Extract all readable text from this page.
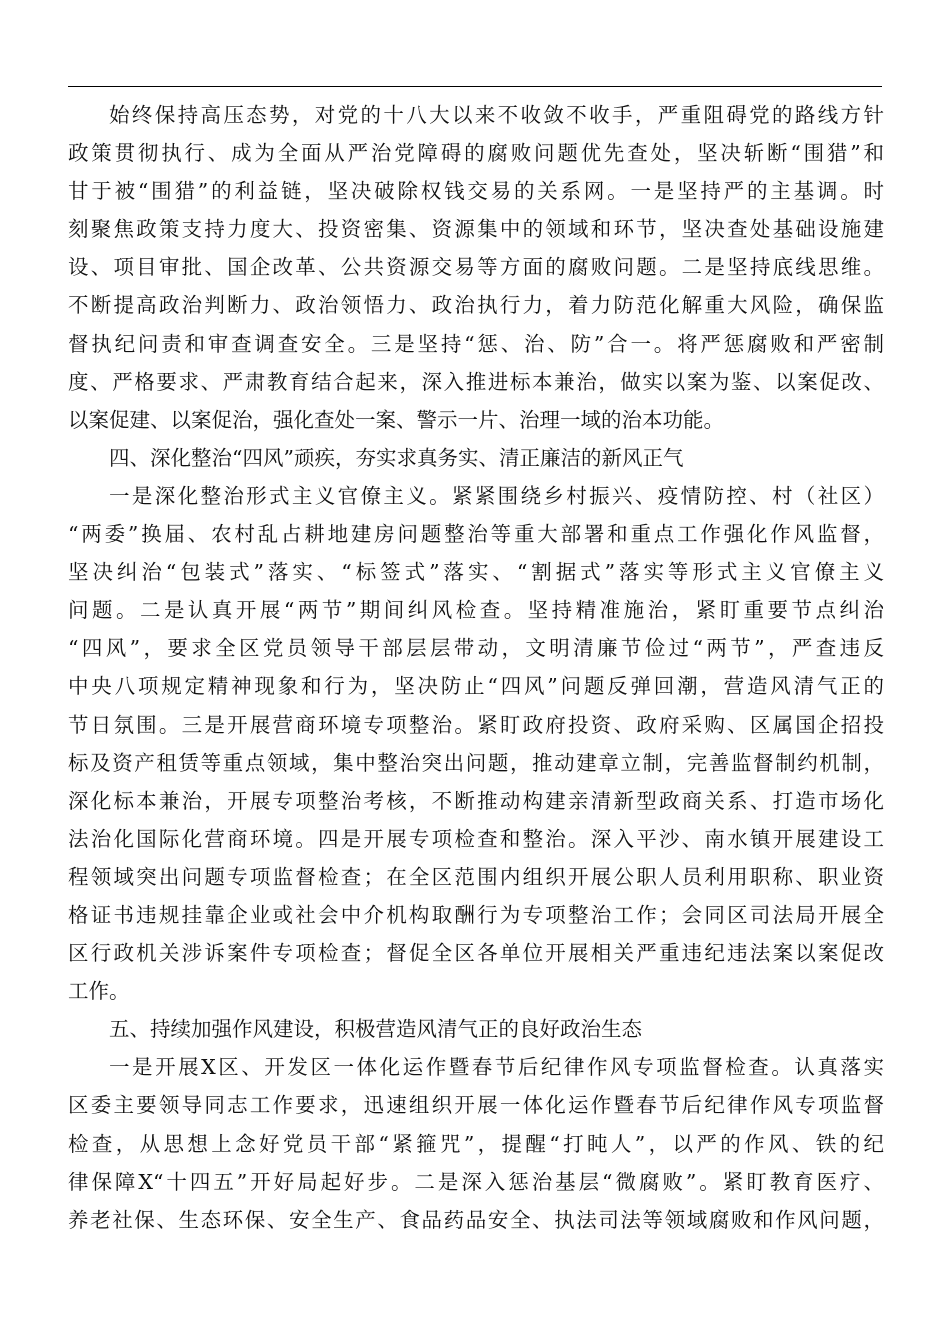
始终保持高压态势，对党的十八大以来不收敛不收手，严重阻碍党的路线方针
政策贯彻执行、成为全面从严治党障碍的腐败问题优先查处，坚决斩断“围猎”和
甘于被“围猎”的利益链，坚决破除权钱交易的关系网。一是坚持严的主基调。时
刻聚焦政策支持力度大、投资密集、资源集中的领域和环节，坚决查处基础设施建
设、项目审批、国企改革、公共资源交易等方面的腐败问题。二是坚持底线思维。
不断提高政治判断力、政治领悟力、政治执行力，着力防范化解重大风险，确保监
督执纪问责和审查调查安全。三是坚持“惩、治、防”合一。将严惩腐败和严密制
度、严格要求、严肃教育结合起来，深入推进标本兼治，做实以案为鉴、以案促改、
以案促建、以案促治，强化查处一案、警示一片、治理一域的治本功能。
四、深化整治“四风”顽疾，夯实求真务实、清正廉洁的新风正气
一是深化整治形式主义官僚主义。紧紧围绕乡村振兴、疫情防控、村（社区）
“两委”换届、农村乱占耕地建房问题整治等重大部署和重点工作强化作风监督，
坚决纠治“包装式”落实、“标签式”落实、“割据式”落实等形式主义官僚主义
问题。二是认真开展“两节”期间纠风检查。坚持精准施治，紧盯重要节点纠治
“四风”，要求全区党员领导干部层层带动，文明清廉节俭过“两节”，严查违反
中央八项规定精神现象和行为，坚决防止“四风”问题反弹回潮，营造风清气正的
节日氛围。三是开展营商环境专项整治。紧盯政府投资、政府采购、区属国企招投
标及资产租赁等重点领域，集中整治突出问题，推动建章立制，完善监督制约机制，
深化标本兼治，开展专项整治考核，不断推动构建亲清新型政商关系、打造市场化
法治化国际化营商环境。四是开展专项检查和整治。深入平沙、南水镇开展建设工
程领域突出问题专项监督检查；在全区范围内组织开展公职人员利用职称、职业资
格证书违规挂靠企业或社会中介机构取酬行为专项整治工作；会同区司法局开展全
区行政机关涉诉案件专项检查；督促全区各单位开展相关严重违纪违法案以案促改
工作。
五、持续加强作风建设，积极营造风清气正的良好政治生态
一是开展X区、开发区一体化运作暨春节后纪律作风专项监督检查。认真落实
区委主要领导同志工作要求，迅速组织开展一体化运作暨春节后纪律作风专项监督
检查，从思想上念好党员干部“紧箍咒”，提醒“打盹人”，以严的作风、铁的纪
律保障X“十四五”开好局起好步。二是深入惩治基层“微腐败”。紧盯教育医疗、
养老社保、生态环保、安全生产、食品药品安全、执法司法等领域腐败和作风问题，
